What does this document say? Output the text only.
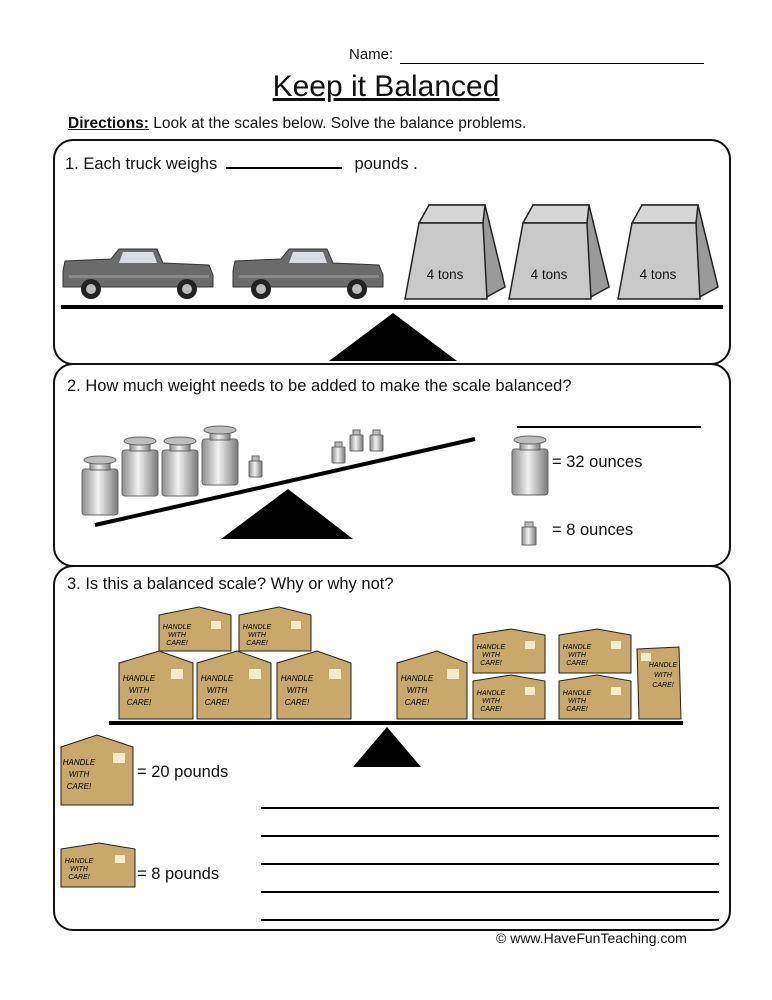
Name:
Keep it Balanced
Directions: Look at the scales below. Solve the balance problems.
1. Each truck weighs	pounds .
4 tons	4 tons	4 tons
2. How much weight needs to be added to make the scale balanced?
= 32 ounces
= 8 ounces
3. Is this a balanced scale? Why or why not?
HANDLE
WITH
CARE!
HANDLE
WITH
CARE!
HANDLE
WITH
CARE!
HANDLE
WITH
CARE!
HANDLE
WITH
CARE!
HANDLE
WITH
CARE!
HANDLE
WITH
CARE!
HANDLE
WITH
CARE!
HANDLE
WITH
CARE!
HANDLE
WITH
CARE!
HANDLE
WITH
CARE!
HANDLE
WITH
CARE!
HANDLE
WITH
CARE!
= 20 pounds
= 8 pounds
© www.HaveFunTeaching.com
